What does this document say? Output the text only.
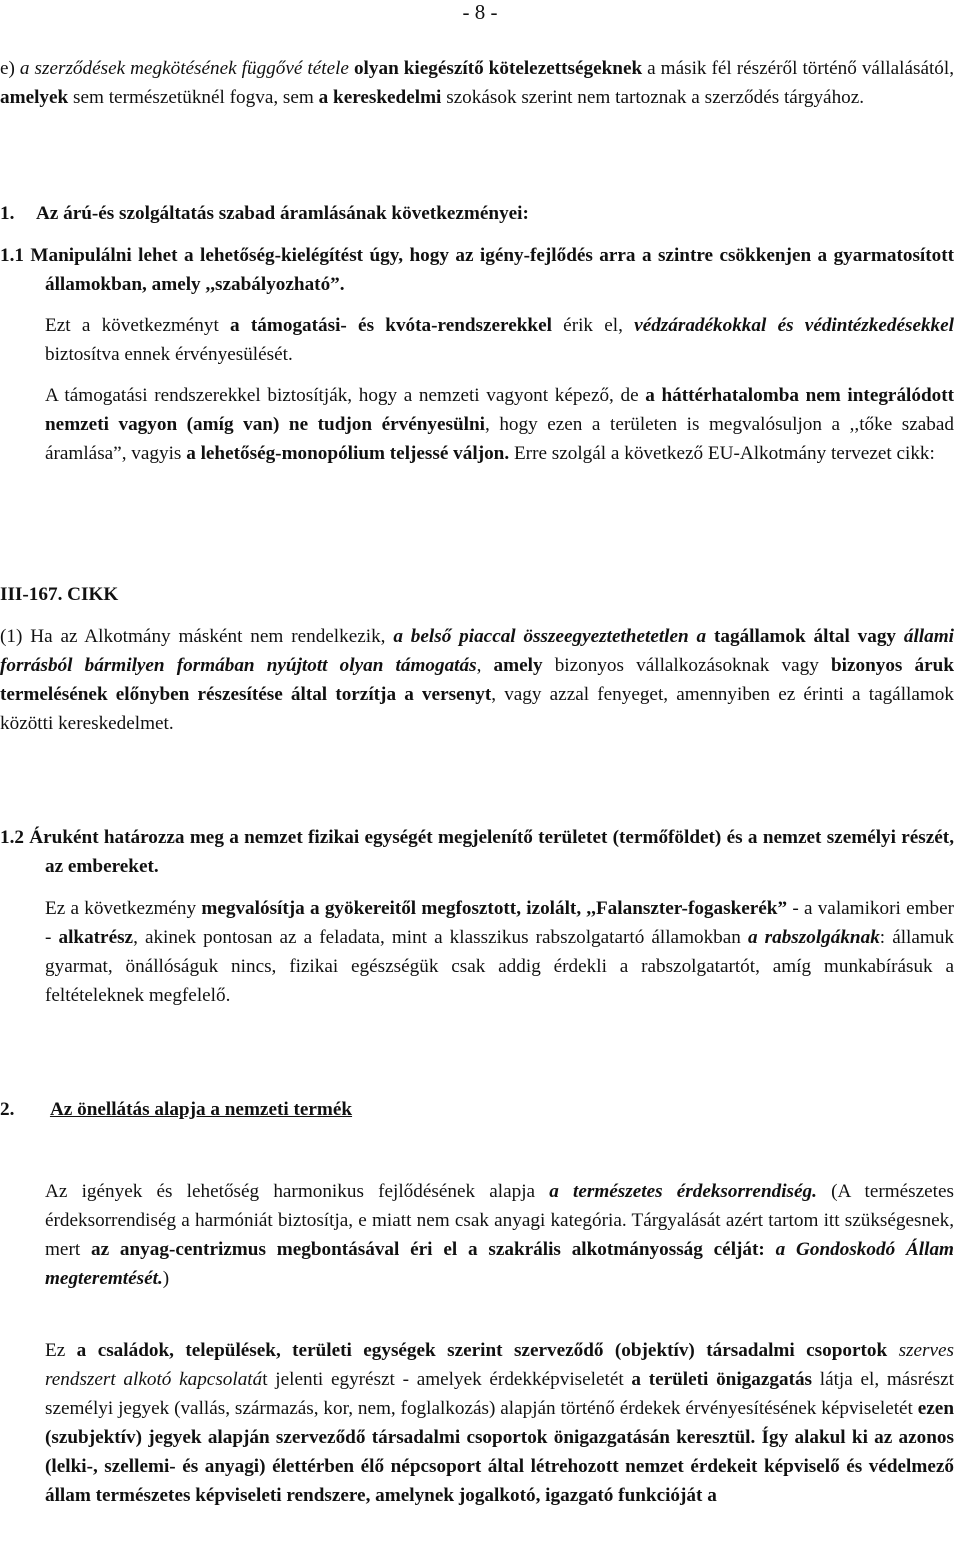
- 8 -

e) a szerződések megkötésének függővé tétele olyan kiegészítő kötelezettségeknek a másik fél részéről történő vállalásától, amelyek sem természetüknél fogva, sem a kereskedelmi szokások szerint nem tartoznak a szerződés tárgyához.

1. Az árú-és szolgáltatás szabad áramlásának következményei:

1.1 Manipulálni lehet a lehetőség-kielégítést úgy, hogy az igény-fejlődés arra a szintre csökkenjen a gyarmatosított államokban, amely ,,szabályozható”.

Ezt a következményt a támogatási- és kvóta-rendszerekkel érik el, védzáradékokkal és védintézkedésekkel biztosítva ennek érvényesülését.

A támogatási rendszerekkel biztosítják, hogy a nemzeti vagyont képező, de a háttérhatalomba nem integrálódott nemzeti vagyon (amíg van) ne tudjon érvényesülni, hogy ezen a területen is megvalósuljon a ,,tőke szabad áramlása”, vagyis a lehetőség-monopólium teljessé váljon. Erre szolgál a következő EU-Alkotmány tervezet cikk:

III-167. CIKK

(1) Ha az Alkotmány másként nem rendelkezik, a belső piaccal összeegyeztethetetlen a tagállamok által vagy állami forrásból bármilyen formában nyújtott olyan támogatás, amely bizonyos vállalkozásoknak vagy bizonyos áruk termelésének előnyben részesítése által torzítja a versenyt, vagy azzal fenyeget, amennyiben ez érinti a tagállamok közötti kereskedelmet.

1.2 Áruként határozza meg a nemzet fizikai egységét megjelenítő területet (termőföldet) és a nemzet személyi részét, az embereket.

Ez a következmény megvalósítja a gyökereitől megfosztott, izolált, ,,Falanszter-fogaskerék” - a valamikori ember - alkatrész, akinek pontosan az a feladata, mint a klasszikus rabszolgatartó államokban a rabszolgáknak: államuk gyarmat, önállóságuk nincs, fizikai egészségük csak addig érdekli a rabszolgatartót, amíg munkabírásuk a feltételeknek megfelelő.

2. Az önellátás alapja a nemzeti termék

Az igények és lehetőség harmonikus fejlődésének alapja a természetes érdeksorrendiség. (A természetes érdeksorrendiség a harmóniát biztosítja, e miatt nem csak anyagi kategória. Tárgyalását azért tartom itt szükségesnek, mert az anyag-centrizmus megbontásával éri el a szakrális alkotmányosság célját: a Gondoskodó Állam megteremtését.)

Ez a családok, települések, területi egységek szerint szerveződő (objektív) társadalmi csoportok szerves rendszert alkotó kapcsolatát jelenti egyrészt - amelyek érdekképviseletét a területi önigazgatás látja el, másrészt személyi jegyek (vallás, származás, kor, nem, foglalkozás) alapján történő érdekek érvényesítésének képviseletét ezen (szubjektív) jegyek alapján szerveződő társadalmi csoportok önigazgatásán keresztül. Így alakul ki az azonos (lelki-, szellemi- és anyagi) élettérben élő népcsoport által létrehozott nemzet érdekeit képviselő és védelmező állam természetes képviseleti rendszere, amelynek jogalkotó, igazgató funkcióját a
